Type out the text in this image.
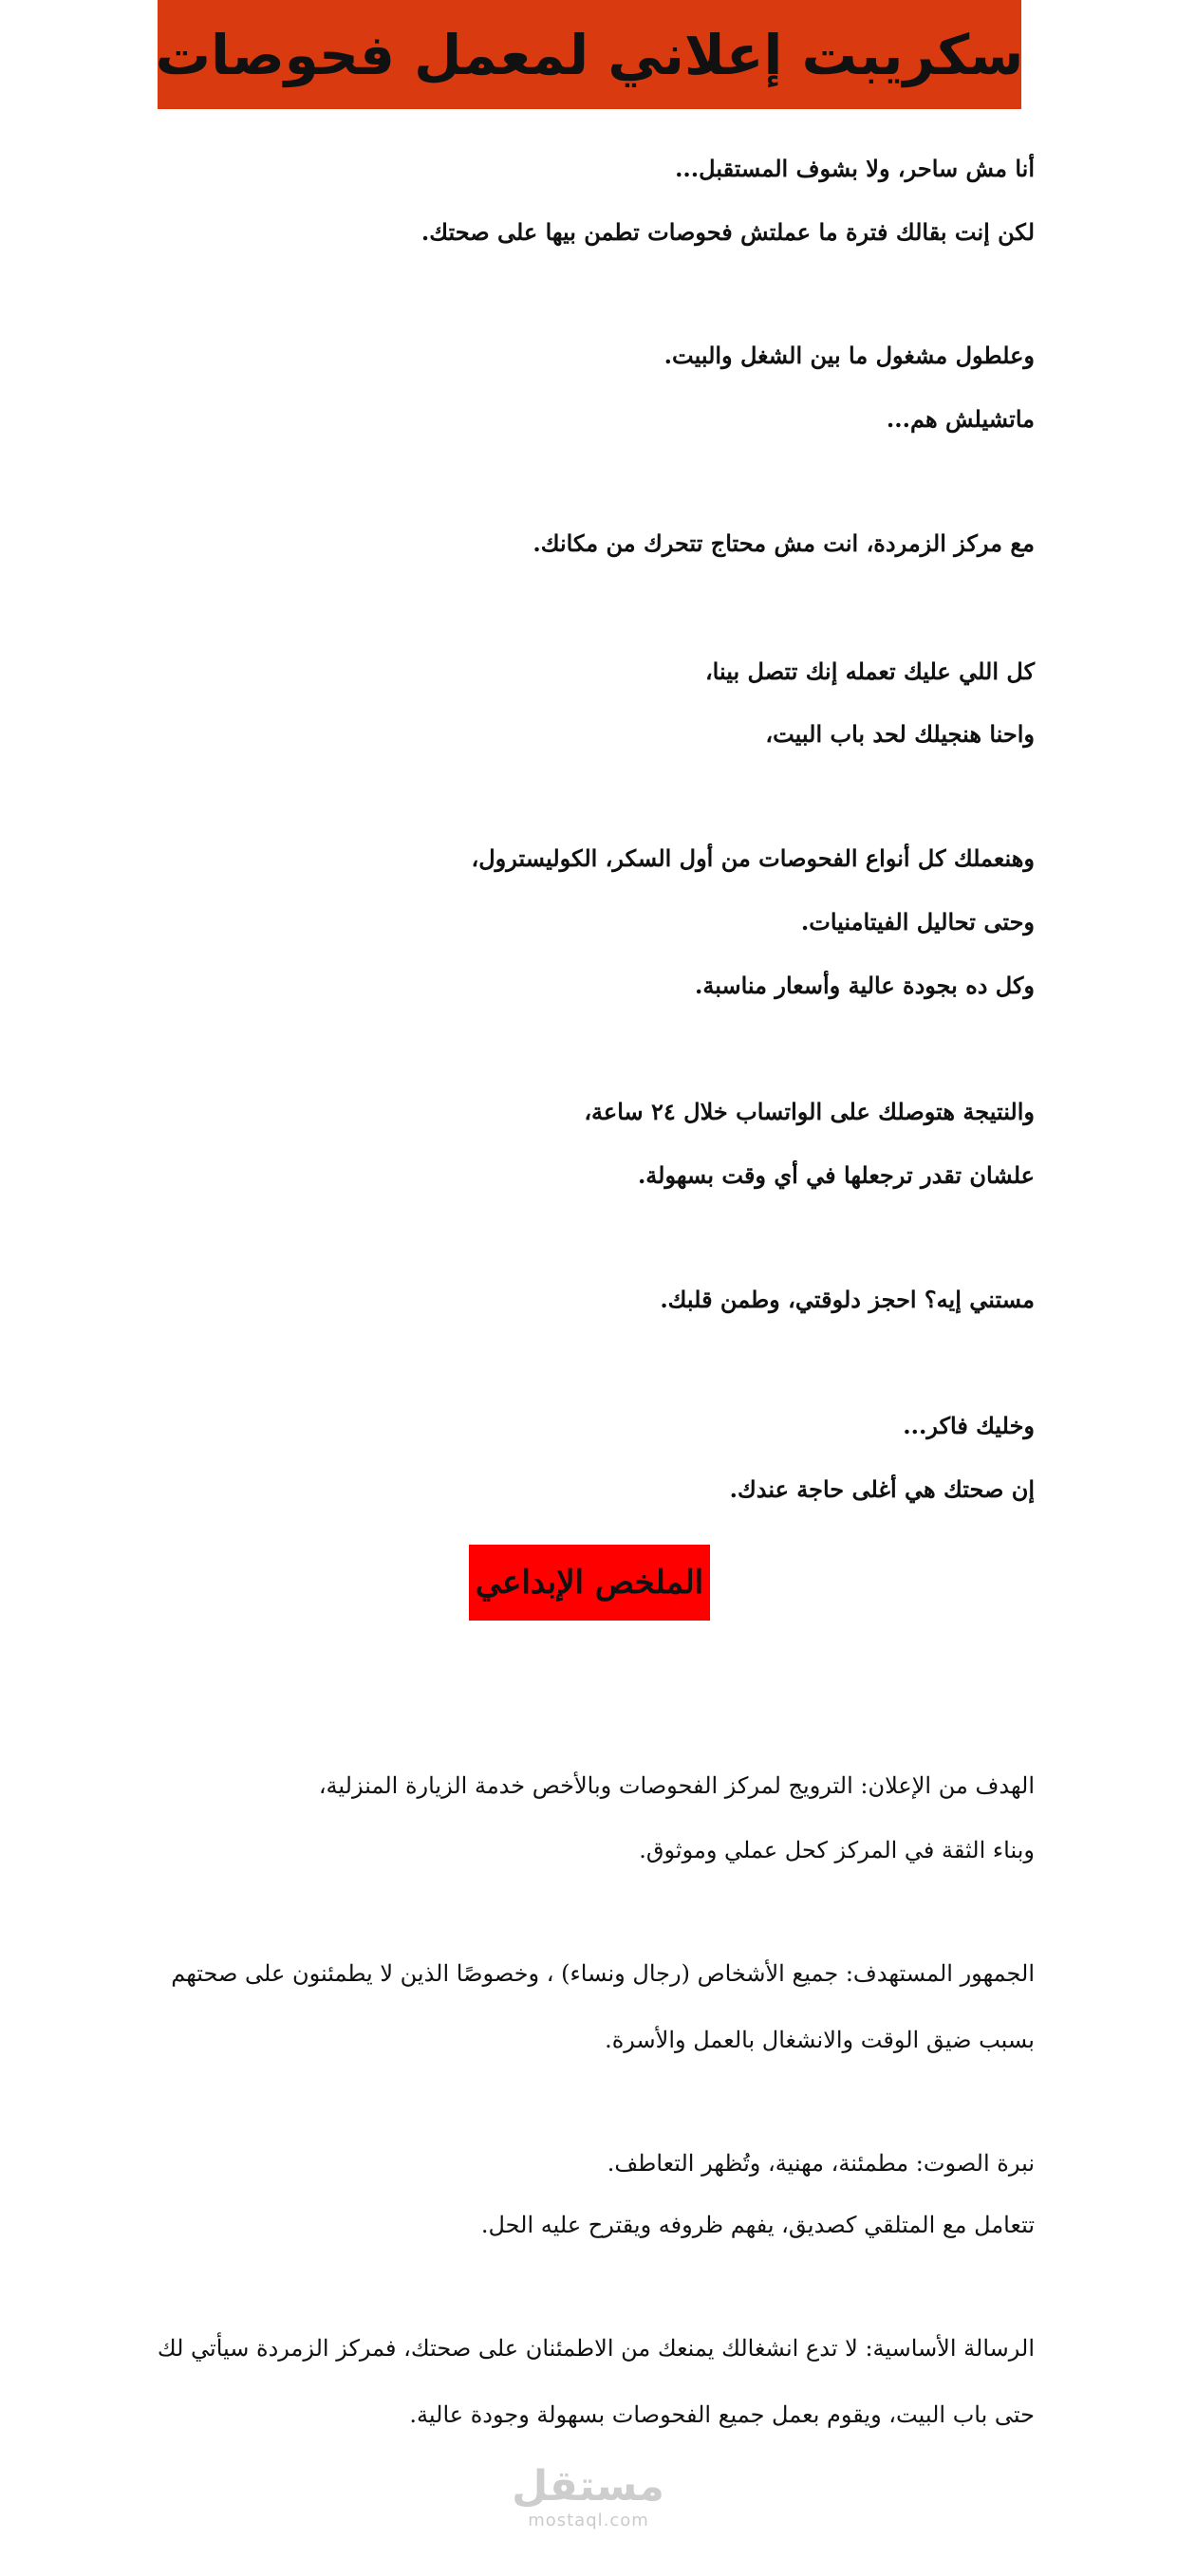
سكريبت إعلاني لمعمل فحوصات
أنا مش ساحر، ولا بشوف المستقبل...
لكن إنت بقالك فترة ما عملتش فحوصات تطمن بيها على صحتك.
وعلطول مشغول ما بين الشغل والبيت.
ماتشيلش هم...
مع مركز الزمردة، انت مش محتاج تتحرك من مكانك.
كل اللي عليك تعمله إنك تتصل بينا،
واحنا هنجيلك لحد باب البيت،
وهنعملك كل أنواع الفحوصات من أول السكر، الكوليسترول،
وحتى تحاليل الفيتامنيات.
وكل ده بجودة عالية وأسعار مناسبة.
والنتيجة هتوصلك على الواتساب خلال ٢٤ ساعة،
علشان تقدر ترجعلها في أي وقت بسهولة.
مستني إيه؟ احجز دلوقتي، وطمن قلبك.
وخليك فاكر...
إن صحتك هي أغلى حاجة عندك.
الملخص الإبداعي
الهدف من الإعلان: الترويج لمركز الفحوصات وبالأخص خدمة الزيارة المنزلية،
وبناء الثقة في المركز كحل عملي وموثوق.
الجمهور المستهدف: جميع الأشخاص (رجال ونساء) ، وخصوصًا الذين لا يطمئنون على صحتهم
بسبب ضيق الوقت والانشغال بالعمل والأسرة.
نبرة الصوت: مطمئنة، مهنية، وتُظهر التعاطف.
تتعامل مع المتلقي كصديق، يفهم ظروفه ويقترح عليه الحل.
الرسالة الأساسية: لا تدع انشغالك يمنعك من الاطمئنان على صحتك، فمركز الزمردة سيأتي لك
حتى باب البيت، ويقوم بعمل جميع الفحوصات بسهولة وجودة عالية.
مستقل
mostaql.com
